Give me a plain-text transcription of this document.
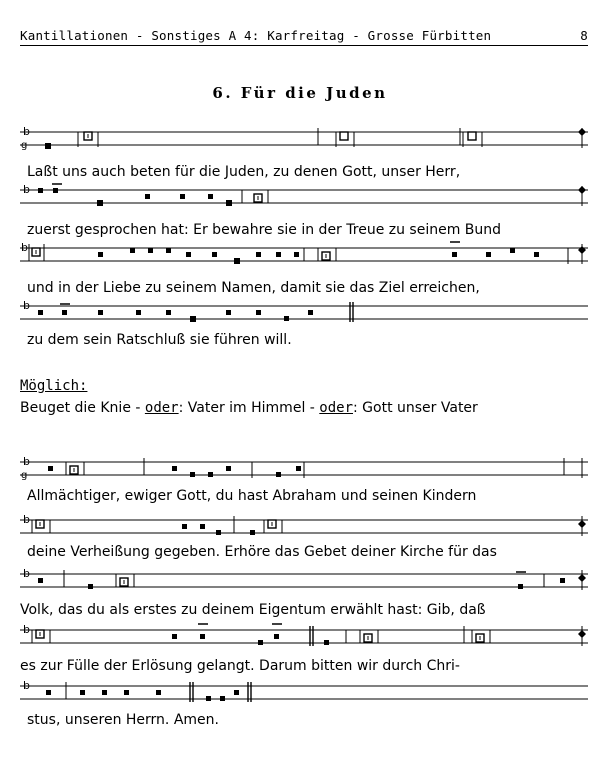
Kantillationen - Sonstiges A 4: Karfreitag - Grosse Fürbitten	8
6. Für die Juden
b
g
Laßt uns auch beten für die Juden, zu denen Gott, unser Herr,
b
zuerst gesprochen hat: Er bewahre sie in der Treue zu seinem Bund
b
und in der Liebe zu seinem Namen, damit sie das Ziel erreichen,
b
zu dem sein Ratschluß sie führen will.
Möglich:
Beuget die Knie - oder: Vater im Himmel - oder: Gott unser Vater
b
g
Allmächtiger, ewiger Gott, du hast Abraham und seinen Kindern
b
deine Verheißung gegeben. Erhöre das Gebet deiner Kirche für das
b
Volk, das du als erstes zu deinem Eigentum erwählt hast: Gib, daß
b
es zur Fülle der Erlösung gelangt. Darum bitten wir durch Chri-
b
stus, unseren Herrn. Amen.
